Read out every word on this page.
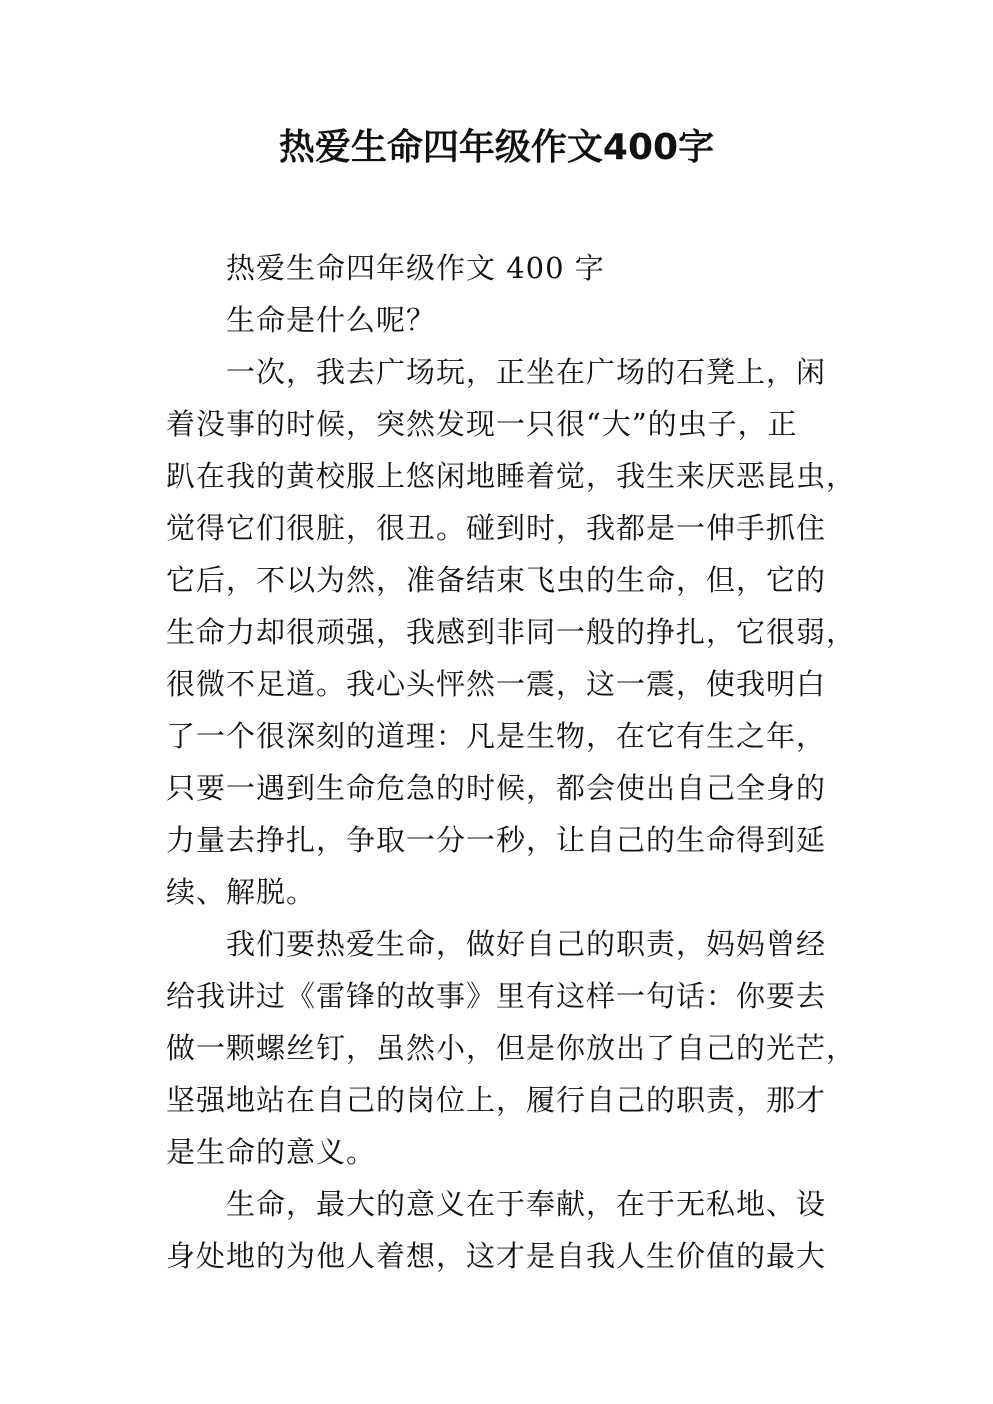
热爱生命四年级作文400字
热爱生命四年级作文 400 字
生命是什么呢？
一次，我去广场玩，正坐在广场的石凳上，闲
着没事的时候，突然发现一只很“大”的虫子，正
趴在我的黄校服上悠闲地睡着觉，我生来厌恶昆虫，
觉得它们很脏，很丑。碰到时，我都是一伸手抓住
它后，不以为然，准备结束飞虫的生命，但，它的
生命力却很顽强，我感到非同一般的挣扎，它很弱，
很微不足道。我心头怦然一震，这一震，使我明白
了一个很深刻的道理：凡是生物，在它有生之年，
只要一遇到生命危急的时候，都会使出自己全身的
力量去挣扎，争取一分一秒，让自己的生命得到延
续、解脱。
我们要热爱生命，做好自己的职责，妈妈曾经
给我讲过《雷锋的故事》里有这样一句话：你要去
做一颗螺丝钉，虽然小，但是你放出了自己的光芒，
坚强地站在自己的岗位上，履行自己的职责，那才
是生命的意义。
生命，最大的意义在于奉献，在于无私地、设
身处地的为他人着想，这才是自我人生价值的最大
